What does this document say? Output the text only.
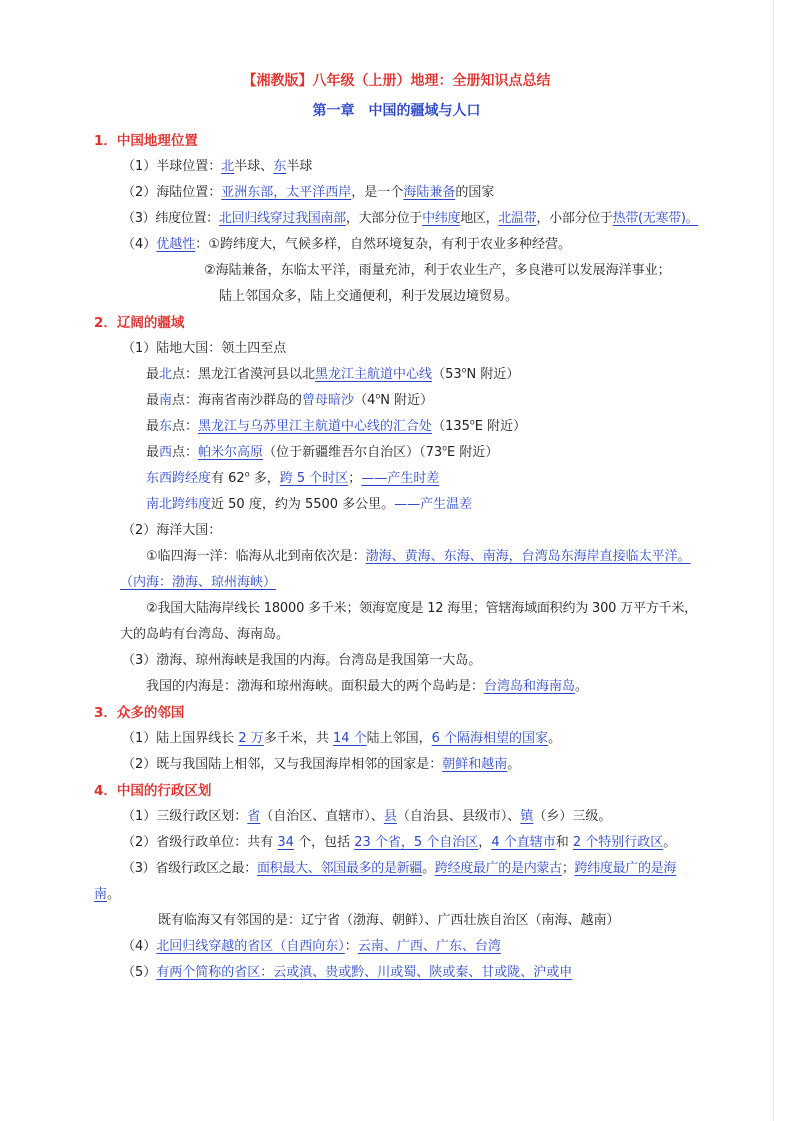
【湘教版】八年级（上册）地理：全册知识点总结
第一章　中国的疆域与人口
1．中国地理位置
（1）半球位置：北半球、东半球
（2）海陆位置：亚洲东部，太平洋西岸，是一个海陆兼备的国家
（3）纬度位置：北回归线穿过我国南部，大部分位于中纬度地区，北温带，小部分位于热带(无寒带)。
（4）优越性：①跨纬度大，气候多样，自然环境复杂，有利于农业多种经营。
②海陆兼备，东临太平洋，雨量充沛，利于农业生产，多良港可以发展海洋事业；
陆上邻国众多，陆上交通便利，利于发展边境贸易。
2．辽阔的疆域
（1）陆地大国：领土四至点
最北点：黑龙江省漠河县以北黑龙江主航道中心线（53$^o$N 附近）
最南点：海南省南沙群岛的曾母暗沙（4$^o$N 附近）
最东点：黑龙江与乌苏里江主航道中心线的汇合处（135$^o$E 附近）
最西点：帕米尔高原（位于新疆维吾尔自治区）（73$^o$E 附近）
东西跨经度有 62$^o$ 多，跨 5 个时区；——产生时差
南北跨纬度近 50 度，约为 5500 多公里。——产生温差
（2）海洋大国：
①临四海一洋：临海从北到南依次是：渤海、黄海、东海、南海，台湾岛东海岸直接临太平洋。
（内海：渤海、琼州海峡）
②我国大陆海岸线长 18000 多千米；领海宽度是 12 海里；管辖海域面积约为 300 万平方千米，
大的岛屿有台湾岛、海南岛。
（3）渤海、琼州海峡是我国的内海。台湾岛是我国第一大岛。
我国的内海是：渤海和琼州海峡。面积最大的两个岛屿是：台湾岛和海南岛。
3．众多的邻国
（1）陆上国界线长 2 万多千米，共 14 个陆上邻国，6 个隔海相望的国家。
（2）既与我国陆上相邻，又与我国海岸相邻的国家是：朝鲜和越南。
4．中国的行政区划
（1）三级行政区划：省（自治区、直辖市）、县（自治县、县级市）、镇（乡）三级。
（2）省级行政单位：共有 34 个，包括 23 个省，5 个自治区，4 个直辖市和 2 个特别行政区。
（3）省级行政区之最：面积最大、邻国最多的是新疆。跨经度最广的是内蒙古；跨纬度最广的是海
南。
既有临海又有邻国的是：辽宁省（渤海、朝鲜）、广西壮族自治区（南海、越南）
（4）北回归线穿越的省区（自西向东）：云南、广西、广东、台湾
（5）有两个简称的省区：云或滇、贵或黔、川或蜀、陕或秦、甘或陇、沪或申
